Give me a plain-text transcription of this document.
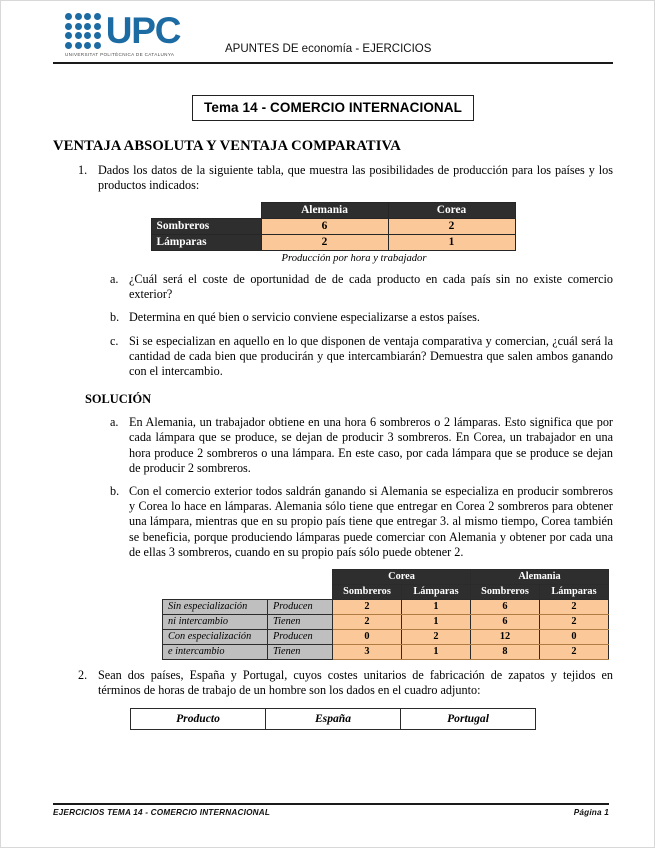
UPC
UNIVERSITAT POLITÈCNICA DE CATALUNYA	APUNTES DE economía - EJERCICIOS
Tema 14 - COMERCIO INTERNACIONAL
VENTAJA ABSOLUTA Y VENTAJA COMPARATIVA
1. Dados los datos de la siguiente tabla, que muestra las posibilidades de producción para los países y los productos indicados:
	Alemania	Corea
Sombreros	6	2
Lámparas	2	1
Producción por hora y trabajador
a. ¿Cuál será el coste de oportunidad de de cada producto en cada país sin no existe comercio exterior?
b. Determina en qué bien o servicio conviene especializarse a estos países.
c. Si se especializan en aquello en lo que disponen de ventaja comparativa y comercian, ¿cuál será la cantidad de cada bien que producirán y que intercambiarán? Demuestra que salen ambos ganando con el intercambio.
SOLUCIÓN
a. En Alemania, un trabajador obtiene en una hora 6 sombreros o 2 lámparas. Esto significa que por cada lámpara que se produce, se dejan de producir 3 sombreros. En Corea, un trabajador en una hora produce 2 sombreros o una lámpara. En este caso, por cada lámpara que se produce se dejan de producir 2 sombreros.
b. Con el comercio exterior todos saldrán ganando si Alemania se especializa en producir sombreros y Corea lo hace en lámparas. Alemania sólo tiene que entregar en Corea 2 sombreros para obtener una lámpara, mientras que en su propio país tiene que entregar 3. al mismo tiempo, Corea también se beneficia, porque produciendo lámparas puede comerciar con Alemania y obtener por cada una de ellas 3 sombreros, cuando en su propio país sólo puede obtener 2.
		Corea		Alemania	
		Sombreros	Lámparas	Sombreros	Lámparas
Sin especialización	Producen	2	1	6	2
ni intercambio	Tienen	2	1	6	2
Con especialización	Producen	0	2	12	0
e intercambio	Tienen	3	1	8	2
2. Sean dos países, España y Portugal, cuyos costes unitarios de fabricación de zapatos y tejidos en términos de horas de trabajo de un hombre son los dados en el cuadro adjunto:
Producto	España	Portugal
EJERCICIOS TEMA 14 - COMERCIO INTERNACIONAL	Página 1
